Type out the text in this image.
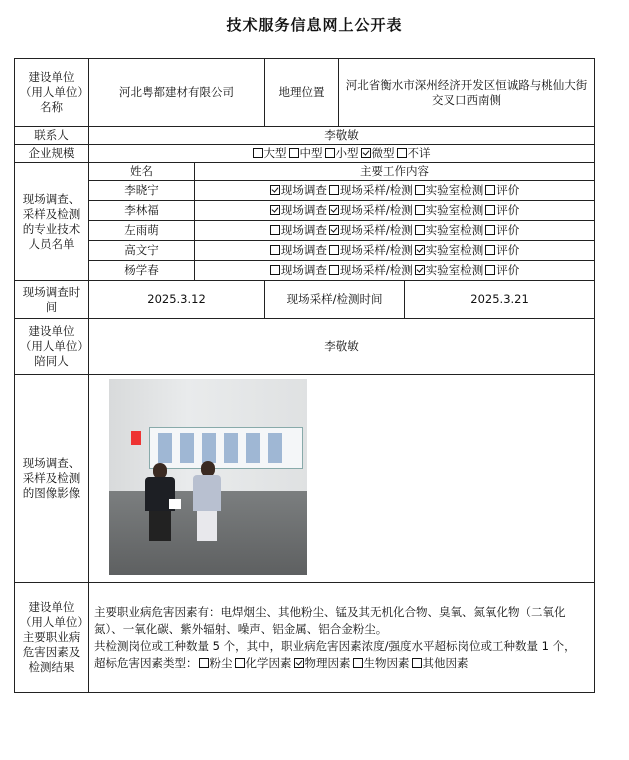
技术服务信息网上公开表
建设单位（用人单位）名称	河北粤都建材有限公司		地理位置	河北省衡水市深州经济开发区恒诚路与桃仙大街交叉口西南侧	
联系人	李敬敏				
企业规模	大型 中型 小型 微型 不详				

现场调查、采样及检测的专业技术人员名单	姓名	主要工作内容			
	李晓宁	现场调查 现场采样/检测 实验室检测 评价			
	李林福	现场调查 现场采样/检测 实验室检测 评价			
	左雨萌	现场调查 现场采样/检测 实验室检测 评价			
	高文宁	现场调查 现场采样/检测 实验室检测 评价			
	杨学春	现场调查 现场采样/检测 实验室检测 评价			

现场调查时间	2025.3.12		现场采样/检测时间		2025.3.21

建设单位（用人单位）陪同人	李敬敏				

现场调查、采样及检测的图像影像					

建设单位（用人单位）主要职业病危害因素及检测结果	主要职业病危害因素有：电焊烟尘、其他粉尘、锰及其无机化合物、臭氧、氮氧化物（二氧化氮）、一氧化碳、紫外辐射、噪声、铝金属、铝合金粉尘。
共检测岗位或工种数量 5 个，其中，职业病危害因素浓度/强度水平超标岗位或工种数量 1 个，
超标危害因素类型： 粉尘 化学因素 物理因素 生物因素 其他因素				
